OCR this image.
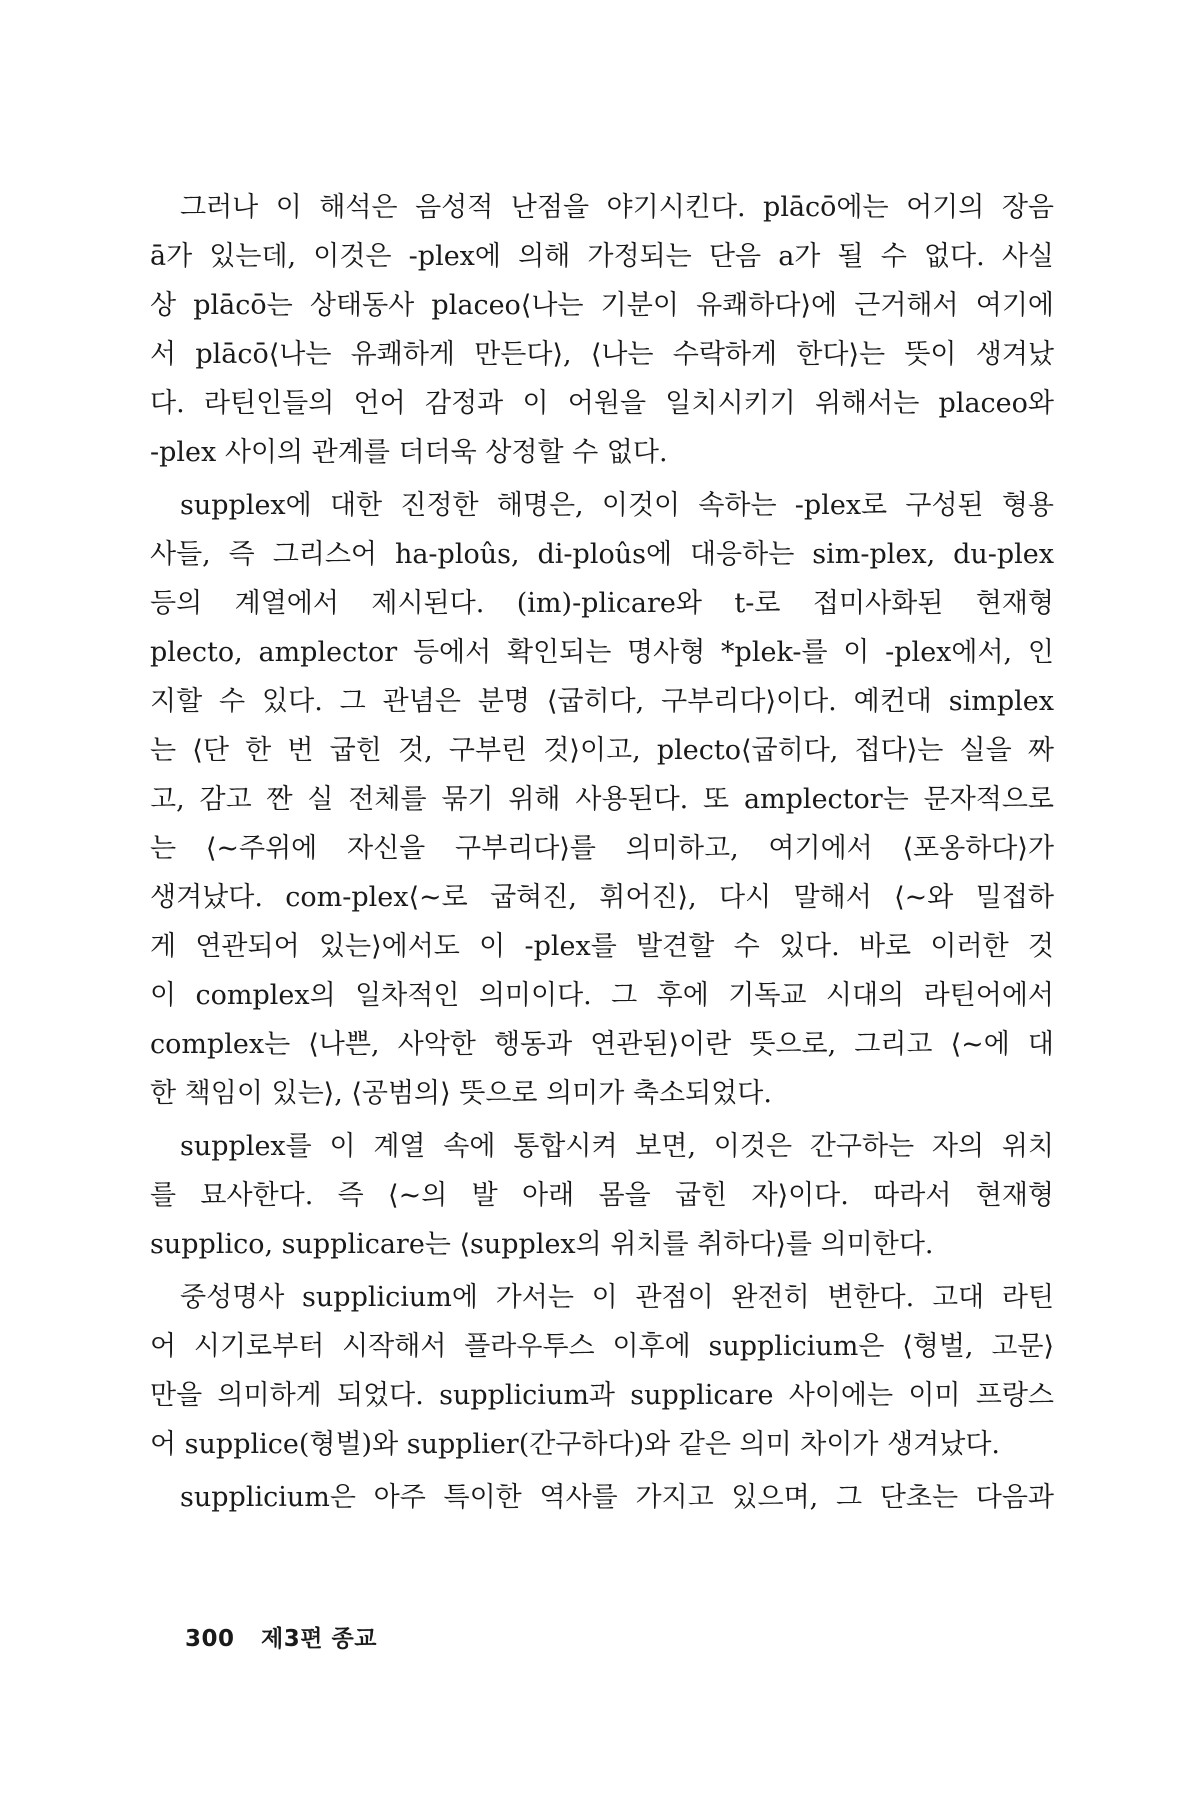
그러나 이 해석은 음성적 난점을 야기시킨다. plācō에는 어기의 장음
ā가 있는데, 이것은 -plex에 의해 가정되는 단음 a가 될 수 없다. 사실
상 plācō는 상태동사 placeo⟨나는 기분이 유쾌하다⟩에 근거해서 여기에
서 plācō⟨나는 유쾌하게 만든다⟩, ⟨나는 수락하게 한다⟩는 뜻이 생겨났
다. 라틴인들의 언어 감정과 이 어원을 일치시키기 위해서는 placeo와
-plex 사이의 관계를 더더욱 상정할 수 없다.
supplex에 대한 진정한 해명은, 이것이 속하는 -plex로 구성된 형용
사들, 즉 그리스어 ha-ploûs, di-ploûs에 대응하는 sim-plex, du-plex
등의 계열에서 제시된다. (im)-plicare와 t-로 접미사화된 현재형
plecto, amplector 등에서 확인되는 명사형 *plek-를 이 -plex에서, 인
지할 수 있다. 그 관념은 분명 ⟨굽히다, 구부리다⟩이다. 예컨대 simplex
는 ⟨단 한 번 굽힌 것, 구부린 것⟩이고, plecto⟨굽히다, 접다⟩는 실을 짜
고, 감고 짠 실 전체를 묶기 위해 사용된다. 또 amplector는 문자적으로
는 ⟨~주위에 자신을 구부리다⟩를 의미하고, 여기에서 ⟨포옹하다⟩가
생겨났다. com-plex⟨~로 굽혀진, 휘어진⟩, 다시 말해서 ⟨~와 밀접하
게 연관되어 있는⟩에서도 이 -plex를 발견할 수 있다. 바로 이러한 것
이 complex의 일차적인 의미이다. 그 후에 기독교 시대의 라틴어에서
complex는 ⟨나쁜, 사악한 행동과 연관된⟩이란 뜻으로, 그리고 ⟨~에 대
한 책임이 있는⟩, ⟨공범의⟩ 뜻으로 의미가 축소되었다.
supplex를 이 계열 속에 통합시켜 보면, 이것은 간구하는 자의 위치
를 묘사한다. 즉 ⟨~의 발 아래 몸을 굽힌 자⟩이다. 따라서 현재형
supplico, supplicare는 ⟨supplex의 위치를 취하다⟩를 의미한다.
중성명사 supplicium에 가서는 이 관점이 완전히 변한다. 고대 라틴
어 시기로부터 시작해서 플라우투스 이후에 supplicium은 ⟨형벌, 고문⟩
만을 의미하게 되었다. supplicium과 supplicare 사이에는 이미 프랑스
어 supplice(형벌)와 supplier(간구하다)와 같은 의미 차이가 생겨났다.
supplicium은 아주 특이한 역사를 가지고 있으며, 그 단초는 다음과
300 제3편 종교
